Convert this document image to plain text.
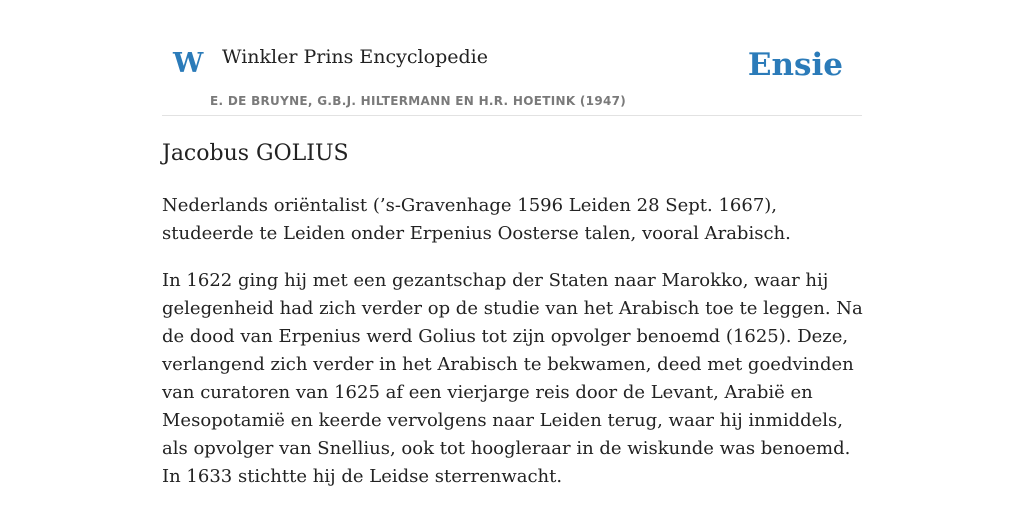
W Winkler Prins Encyclopedie
E. DE BRUYNE, G.B.J. HILTERMANN EN H.R. HOETINK (1947)
Ensie
Jacobus GOLIUS

Nederlands oriëntalist (’s-Gravenhage 1596 Leiden 28 Sept. 1667), studeerde te Leiden onder Erpenius Oosterse talen, vooral Arabisch.

In 1622 ging hij met een gezantschap der Staten naar Marokko, waar hij gelegenheid had zich verder op de studie van het Arabisch toe te leggen. Na de dood van Erpenius werd Golius tot zijn opvolger benoemd (1625). Deze, verlangend zich verder in het Arabisch te bekwamen, deed met goedvinden van curatoren van 1625 af een vierjarge reis door de Levant, Arabië en Mesopotamië en keerde vervolgens naar Leiden terug, waar hij inmiddels, als opvolger van Snellius, ook tot hoogleraar in de wiskunde was benoemd. In 1633 stichtte hij de Leidse sterrenwacht.
